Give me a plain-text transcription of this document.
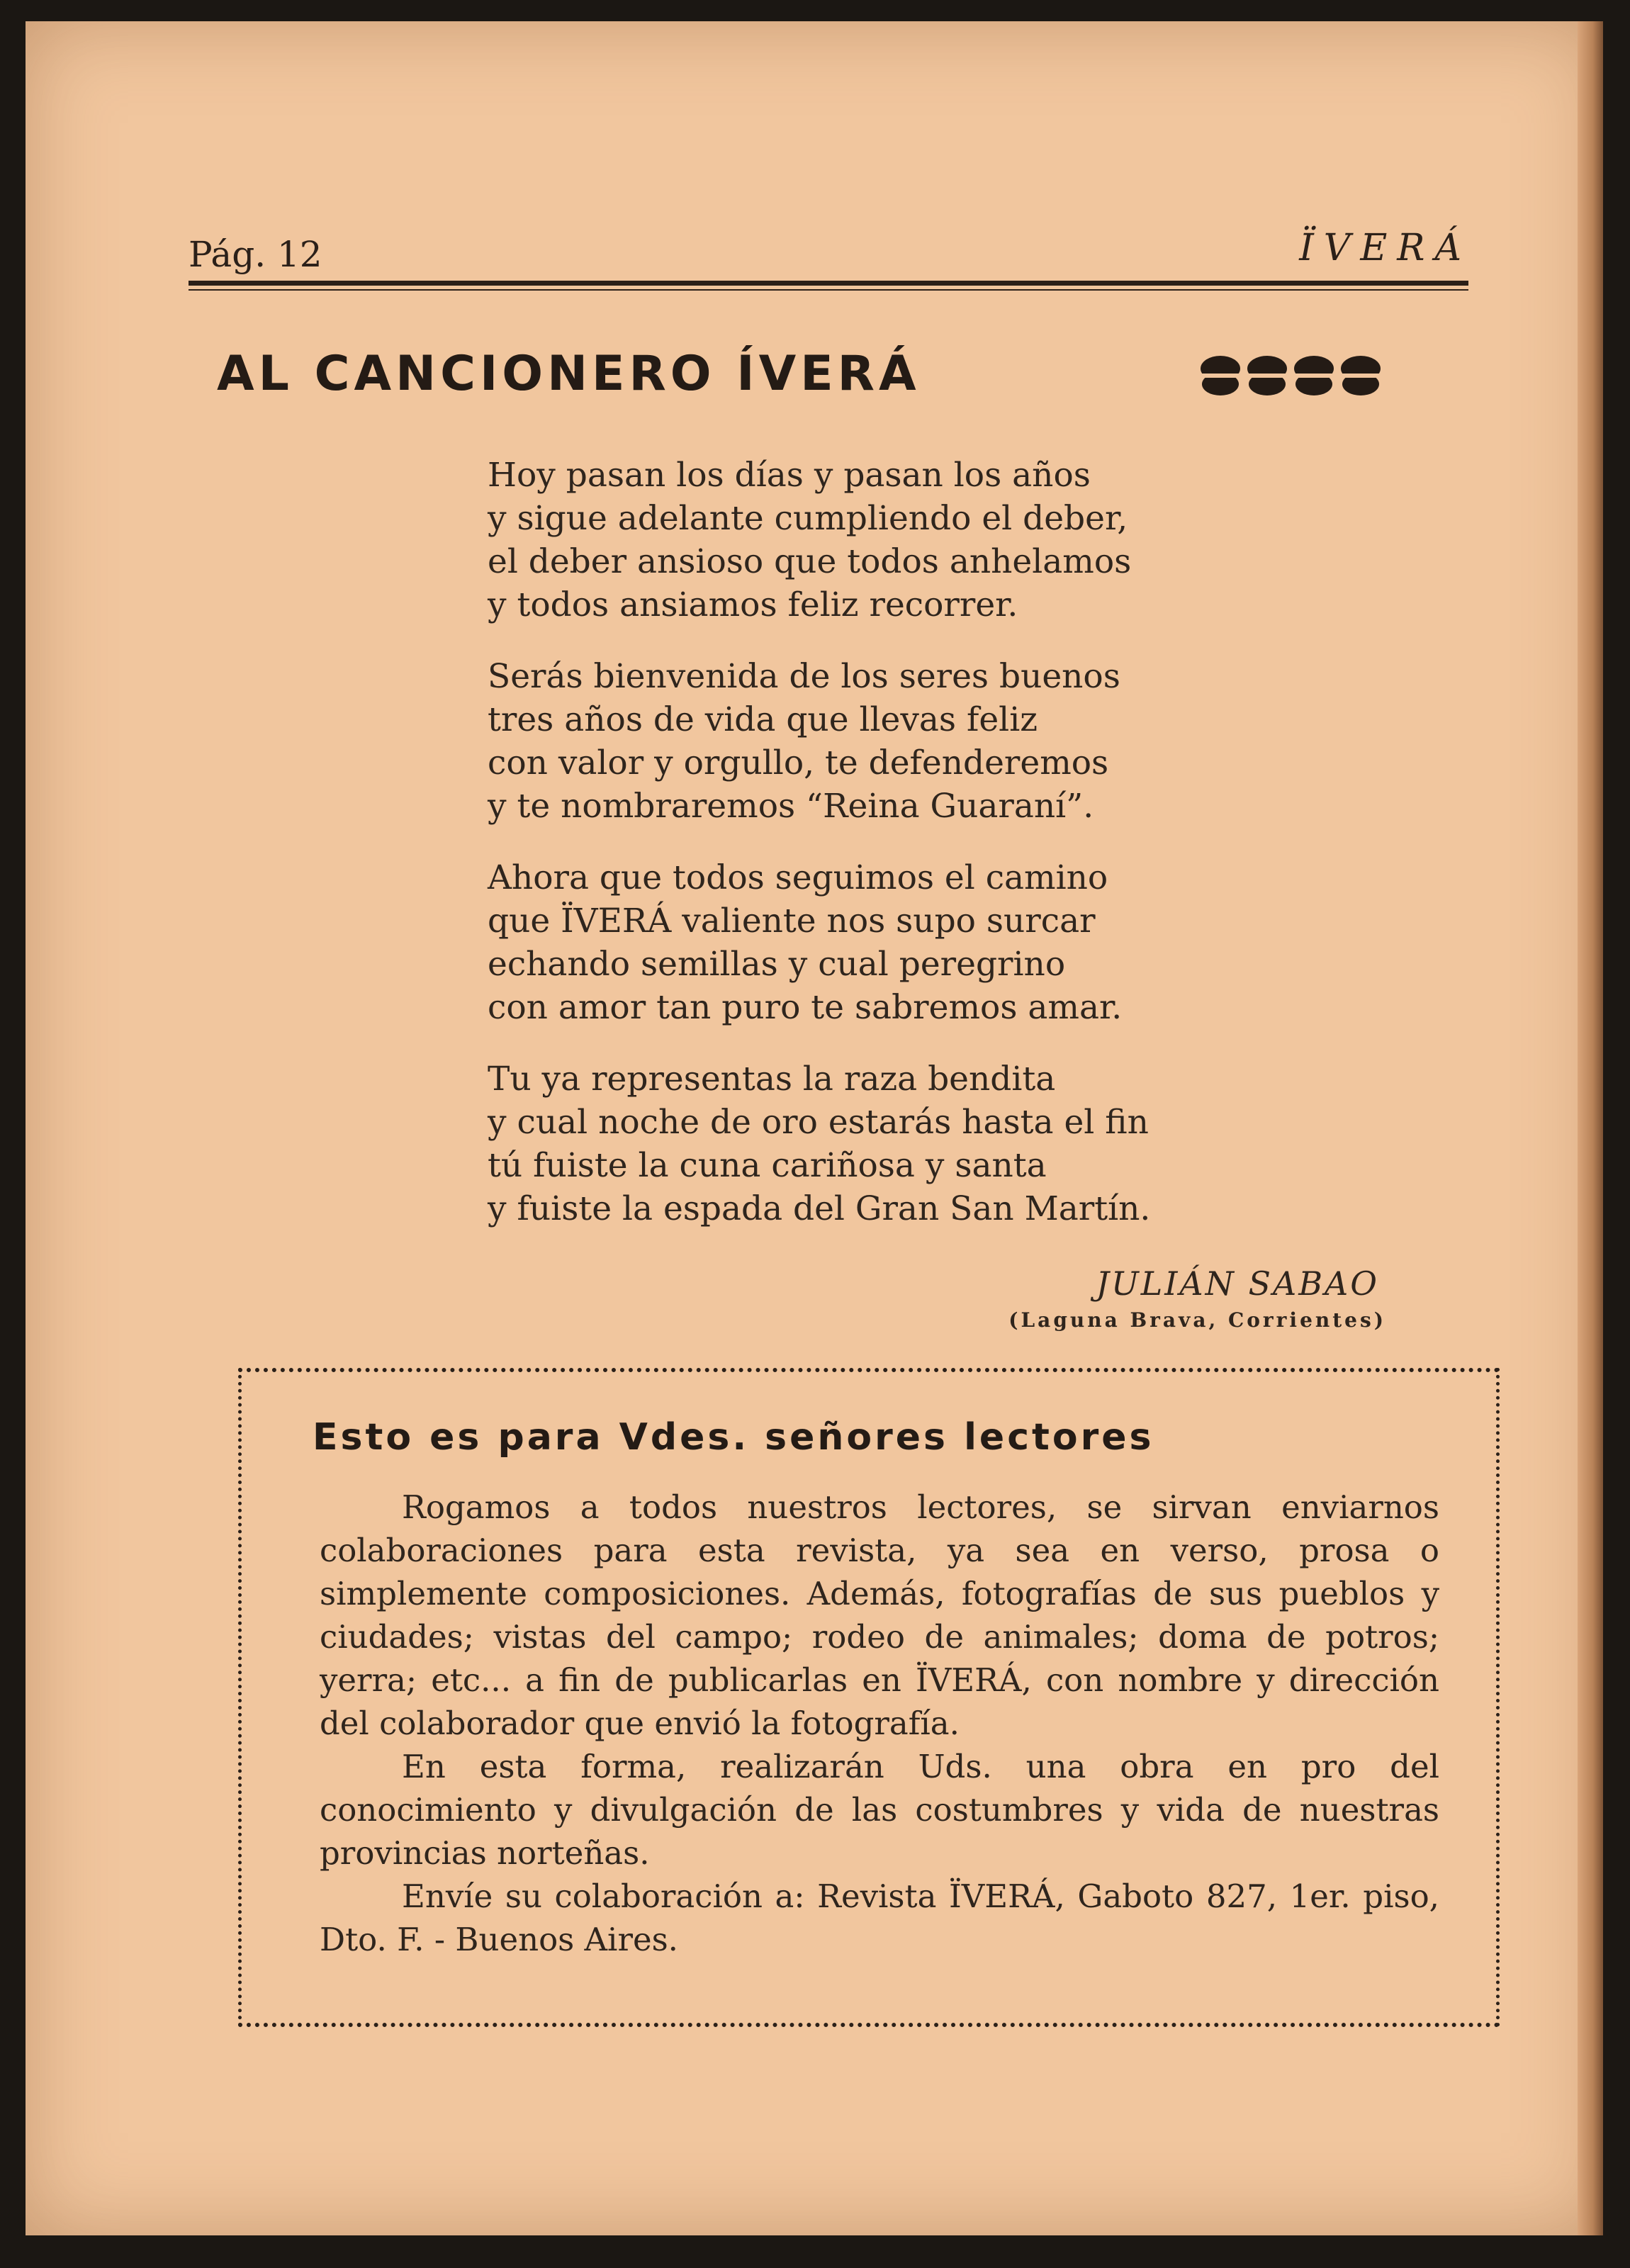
Pág. 12	ÏVERÁ
AL CANCIONERO ÍVERÁ
Hoy pasan los días y pasan los años
y sigue adelante cumpliendo el deber,
el deber ansioso que todos anhelamos
y todos ansiamos feliz recorrer.
Serás bienvenida de los seres buenos
tres años de vida que llevas feliz
con valor y orgullo, te defenderemos
y te nombraremos “Reina Guaraní”.
Ahora que todos seguimos el camino
que ÏVERÁ valiente nos supo surcar
echando semillas y cual peregrino
con amor tan puro te sabremos amar.
Tu ya representas la raza bendita
y cual noche de oro estarás hasta el fin
tú fuiste la cuna cariñosa y santa
y fuiste la espada del Gran San Martín.
JULIÁN SABAO
(Laguna Brava, Corrientes)
Esto es para Vdes. señores lectores

Rogamos a todos nuestros lectores, se sirvan enviarnos colaboraciones para esta revista, ya sea en verso, prosa o simplemente composiciones. Además, fotografías de sus pueblos y ciudades; vistas del campo; rodeo de animales; doma de potros; yerra; etc... a fin de publicarlas en ÏVERÁ, con nombre y dirección del colaborador que envió la fotografía.

En esta forma, realizarán Uds. una obra en pro del conocimiento y divulgación de las costumbres y vida de nuestras provincias norteñas.

Envíe su colaboración a: Revista ÏVERÁ, Gaboto 827, 1er. piso, Dto. F. - Buenos Aires.
